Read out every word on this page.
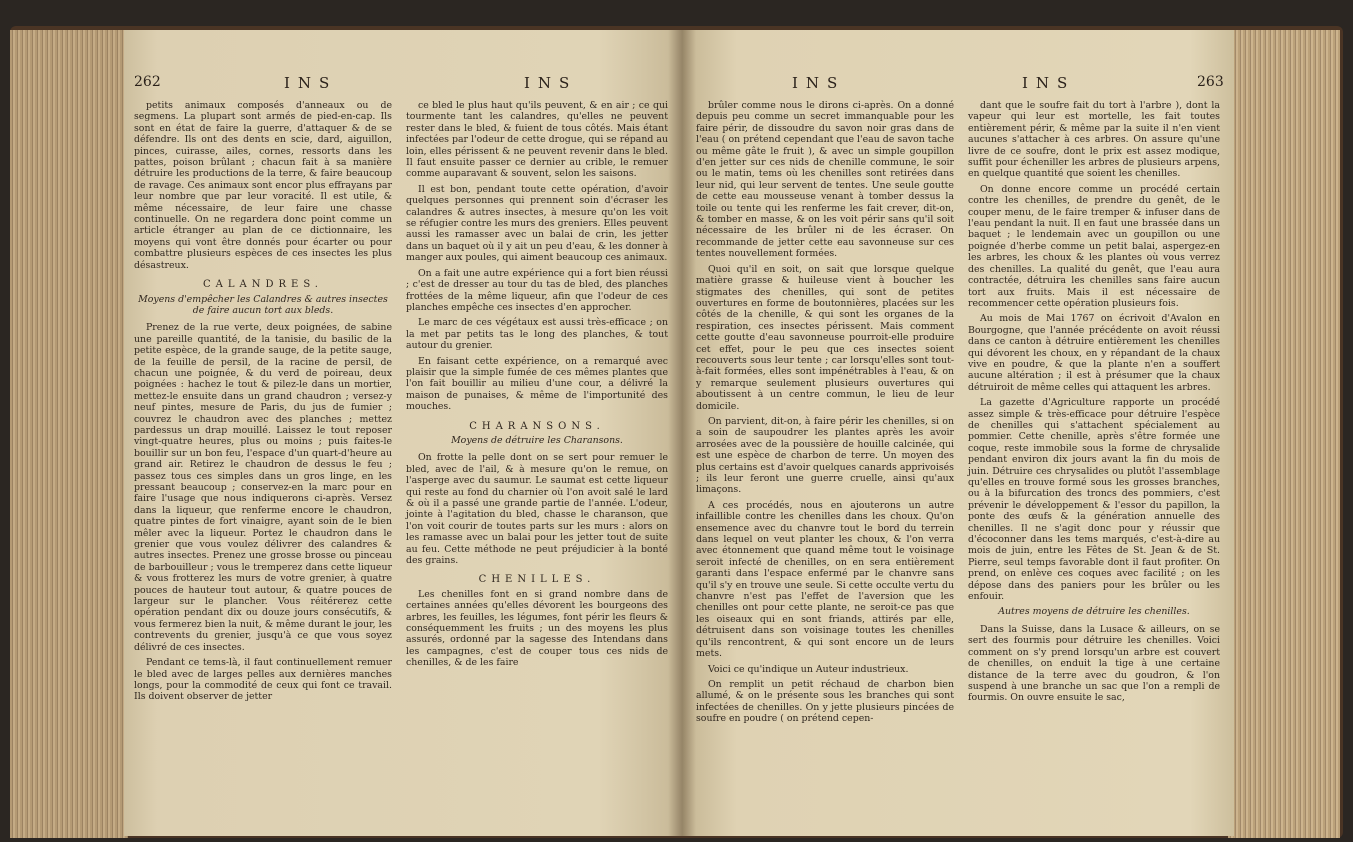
262	INS	INS

petits animaux composés d'anneaux ou de segmens. La plupart sont armés de pied-en-cap. Ils sont en état de faire la guerre, d'attaquer & de se défendre. Ils ont des dents en scie, dard, aiguillon, pinces, cuirasse, ailes, cornes, ressorts dans les pattes, poison brûlant ; chacun fait à sa manière détruire les productions de la terre, & faire beaucoup de ravage. Ces animaux sont encor plus effrayans par leur nombre que par leur voracité. Il est utile, & même nécessaire, de leur faire une chasse continuelle. On ne regardera donc point comme un article étranger au plan de ce dictionnaire, les moyens qui vont être donnés pour écarter ou pour combattre plusieurs espèces de ces insectes les plus désastreux.

CALANDRES.

Moyens d'empêcher les Calandres & autres insectes de faire aucun tort aux bleds.

Prenez de la rue verte, deux poignées, de sabine une pareille quantité, de la tanisie, du basilic de la petite espèce, de la grande sauge, de la petite sauge, de la feuille de persil, de la racine de persil, de chacun une poignée, & du verd de poireau, deux poignées : hachez le tout & pilez-le dans un mortier, mettez-le ensuite dans un grand chaudron ; versez-y neuf pintes, mesure de Paris, du jus de fumier ; couvrez le chaudron avec des planches ; mettez pardessus un drap mouillé. Laissez le tout reposer vingt-quatre heures, plus ou moins ; puis faites-le bouillir sur un bon feu, l'espace d'un quart-d'heure au grand air. Retirez le chaudron de dessus le feu ; passez tous ces simples dans un gros linge, en les pressant beaucoup ; conservez-en la marc pour en faire l'usage que nous indiquerons ci-après. Versez dans la liqueur, que renferme encore le chaudron, quatre pintes de fort vinaigre, ayant soin de le bien mêler avec la liqueur. Portez le chaudron dans le grenier que vous voulez délivrer des calandres & autres insectes. Prenez une grosse brosse ou pinceau de barbouilleur ; vous le tremperez dans cette liqueur & vous frotterez les murs de votre grenier, à quatre pouces de hauteur tout autour, & quatre pouces de largeur sur le plancher. Vous réitérerez cette opération pendant dix ou douze jours consécutifs, & vous fermerez bien la nuit, & même durant le jour, les contrevents du grenier, jusqu'à ce que vous soyez délivré de ces insectes.

Pendant ce tems-là, il faut continuellement remuer le bled avec de larges pelles aux dernières manches longs, pour la commodité de ceux qui font ce travail. Ils doivent observer de jetter

ce bled le plus haut qu'ils peuvent, & en air ; ce qui tourmente tant les calandres, qu'elles ne peuvent rester dans le bled, & fuient de tous côtés. Mais étant infectées par l'odeur de cette drogue, qui se répand au loin, elles périssent & ne peuvent revenir dans le bled. Il faut ensuite passer ce dernier au crible, le remuer comme auparavant & souvent, selon les saisons.

Il est bon, pendant toute cette opération, d'avoir quelques personnes qui prennent soin d'écraser les calandres & autres insectes, à mesure qu'on les voit se réfugier contre les murs des greniers. Elles peuvent aussi les ramasser avec un balai de crin, les jetter dans un baquet où il y ait un peu d'eau, & les donner à manger aux poules, qui aiment beaucoup ces animaux.

On a fait une autre expérience qui a fort bien réussi ; c'est de dresser au tour du tas de bled, des planches frottées de la même liqueur, afin que l'odeur de ces planches empêche ces insectes d'en approcher.

Le marc de ces végétaux est aussi très-efficace ; on la met par petits tas le long des planches, & tout autour du grenier.

En faisant cette expérience, on a remarqué avec plaisir que la simple fumée de ces mêmes plantes que l'on fait bouillir au milieu d'une cour, a délivré la maison de punaises, & même de l'importunité des mouches.

CHARANSONS.

Moyens de détruire les Charansons.

On frotte la pelle dont on se sert pour remuer le bled, avec de l'ail, & à mesure qu'on le remue, on l'asperge avec du saumur. Le saumat est cette liqueur qui reste au fond du charnier où l'on avoit salé le lard & où il a passé une grande partie de l'année. L'odeur, jointe à l'agitation du bled, chasse le charanson, que l'on voit courir de toutes parts sur les murs : alors on les ramasse avec un balai pour les jetter tout de suite au feu. Cette méthode ne peut préjudicier à la bonté des grains.

CHENILLES.

Les chenilles font en si grand nombre dans de certaines années qu'elles dévorent les bourgeons des arbres, les feuilles, les légumes, font périr les fleurs & conséquemment les fruits ; un des moyens les plus assurés, ordonné par la sagesse des Intendans dans les campagnes, c'est de couper tous ces nids de chenilles, & de les faire

INS	INS	263

brûler comme nous le dirons ci-après. On a donné depuis peu comme un secret immanquable pour les faire périr, de dissoudre du savon noir gras dans de l'eau ( on prétend cependant que l'eau de savon tache ou même gâte le fruit ), & avec un simple goupillon d'en jetter sur ces nids de chenille commune, le soir ou le matin, tems où les chenilles sont retirées dans leur nid, qui leur servent de tentes. Une seule goutte de cette eau mousseuse venant à tomber dessus la toile ou tente qui les renferme les fait crever, dit-on, & tomber en masse, & on les voit périr sans qu'il soit nécessaire de les brûler ni de les écraser. On recommande de jetter cette eau savonneuse sur ces tentes nouvellement formées.

Quoi qu'il en soit, on sait que lorsque quelque matière grasse & huileuse vient à boucher les stigmates des chenilles, qui sont de petites ouvertures en forme de boutonnières, placées sur les côtés de la chenille, & qui sont les organes de la respiration, ces insectes périssent. Mais comment cette goutte d'eau savonneuse pourroit-elle produire cet effet, pour le peu que ces insectes soient recouverts sous leur tente ; car lorsqu'elles sont tout-à-fait formées, elles sont impénétrables à l'eau, & on y remarque seulement plusieurs ouvertures qui aboutissent à un centre commun, le lieu de leur domicile.

On parvient, dit-on, à faire périr les chenilles, si on a soin de saupoudrer les plantes après les avoir arrosées avec de la poussière de houille calcinée, qui est une espèce de charbon de terre. Un moyen des plus certains est d'avoir quelques canards apprivoisés ; ils leur feront une guerre cruelle, ainsi qu'aux limaçons.

A ces procédés, nous en ajouterons un autre infaillible contre les chenilles dans les choux. Qu'on ensemence avec du chanvre tout le bord du terrein dans lequel on veut planter les choux, & l'on verra avec étonnement que quand même tout le voisinage seroit infecté de chenilles, on en sera entièrement garanti dans l'espace enfermé par le chanvre sans qu'il s'y en trouve une seule. Si cette occulte vertu du chanvre n'est pas l'effet de l'aversion que les chenilles ont pour cette plante, ne seroit-ce pas que les oiseaux qui en sont friands, attirés par elle, détruisent dans son voisinage toutes les chenilles qu'ils rencontrent, & qui sont encore un de leurs mets.

Voici ce qu'indique un Auteur industrieux.

On remplit un petit réchaud de charbon bien allumé, & on le présente sous les branches qui sont infectées de chenilles. On y jette plusieurs pincées de soufre en poudre ( on prétend cepen-

dant que le soufre fait du tort à l'arbre ), dont la vapeur qui leur est mortelle, les fait toutes entièrement périr, & même par la suite il n'en vient aucunes s'attacher à ces arbres. On assure qu'une livre de ce soufre, dont le prix est assez modique, suffit pour écheniller les arbres de plusieurs arpens, en quelque quantité que soient les chenilles.

On donne encore comme un procédé certain contre les chenilles, de prendre du genêt, de le couper menu, de le faire tremper & infuser dans de l'eau pendant la nuit. Il en faut une brassée dans un baquet ; le lendemain avec un goupillon ou une poignée d'herbe comme un petit balai, aspergez-en les arbres, les choux & les plantes où vous verrez des chenilles. La qualité du genêt, que l'eau aura contractée, détruira les chenilles sans faire aucun tort aux fruits. Mais il est nécessaire de recommencer cette opération plusieurs fois.

Au mois de Mai 1767 on écrivoit d'Avalon en Bourgogne, que l'année précédente on avoit réussi dans ce canton à détruire entièrement les chenilles qui dévorent les choux, en y répandant de la chaux vive en poudre, & que la plante n'en a souffert aucune altération ; il est à présumer que la chaux détruiroit de même celles qui attaquent les arbres.

La gazette d'Agriculture rapporte un procédé assez simple & très-efficace pour détruire l'espèce de chenilles qui s'attachent spécialement au pommier. Cette chenille, après s'être formée une coque, reste immobile sous la forme de chrysalide pendant environ dix jours avant la fin du mois de juin. Détruire ces chrysalides ou plutôt l'assemblage qu'elles en trouve formé sous les grosses branches, ou à la bifurcation des troncs des pommiers, c'est prévenir le développement & l'essor du papillon, la ponte des œufs & la génération annuelle des chenilles. Il ne s'agit donc pour y réussir que d'écoconner dans les tems marqués, c'est-à-dire au mois de juin, entre les Fêtes de St. Jean & de St. Pierre, seul temps favorable dont il faut profiter. On prend, on enlève ces coques avec facilité ; on les dépose dans des paniers pour les brûler ou les enfouir.

Autres moyens de détruire les chenilles.

Dans la Suisse, dans la Lusace & ailleurs, on se sert des fourmis pour détruire les chenilles. Voici comment on s'y prend lorsqu'un arbre est couvert de chenilles, on enduit la tige à une certaine distance de la terre avec du goudron, & l'on suspend à une branche un sac que l'on a rempli de fourmis. On ouvre ensuite le sac,
